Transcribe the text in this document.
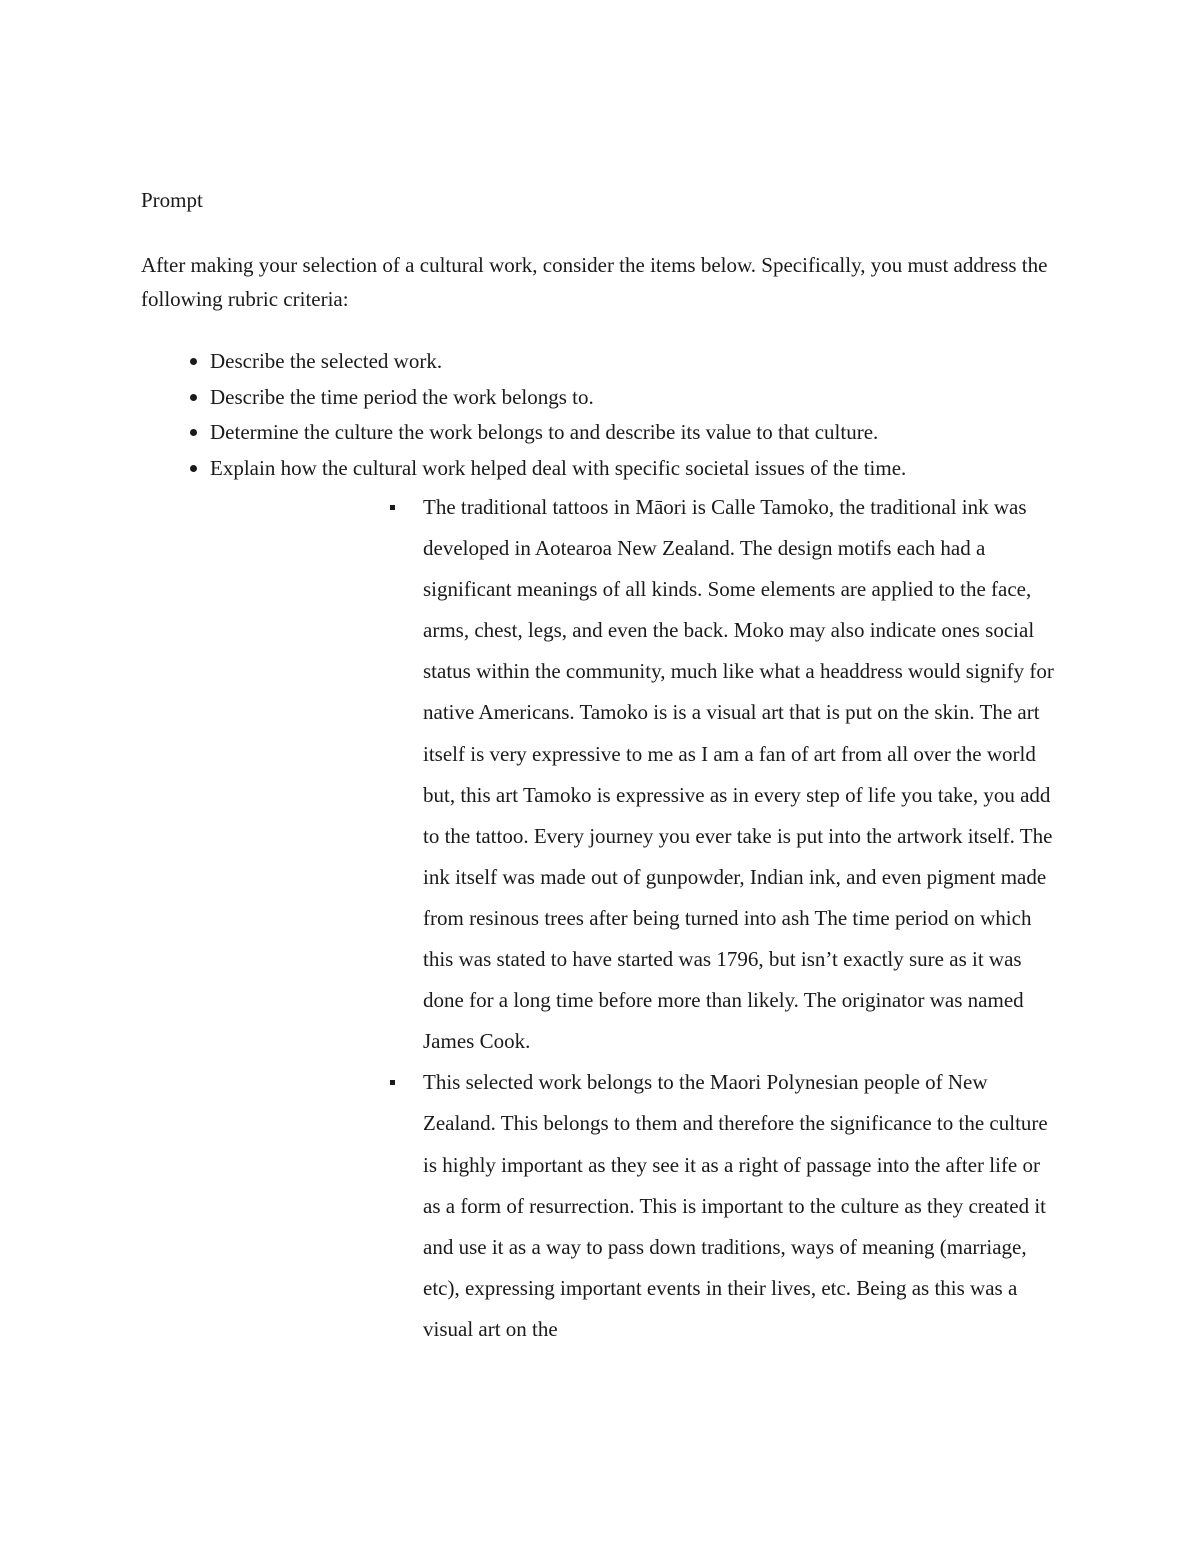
Prompt

After making your selection of a cultural work, consider the items below. Specifically, you must address the following rubric criteria:

Describe the selected work.
Describe the time period the work belongs to.
Determine the culture the work belongs to and describe its value to that culture.
Explain how the cultural work helped deal with specific societal issues of the time.
The traditional tattoos in Māori is Calle Tamoko, the traditional ink was developed in Aotearoa New Zealand. The design motifs each had a significant meanings of all kinds. Some elements are applied to the face, arms, chest, legs, and even the back. Moko may also indicate ones social status within the community, much like what a headdress would signify for native Americans. Tamoko is is a visual art that is put on the skin. The art itself is very expressive to me as I am a fan of art from all over the world but, this art Tamoko is expressive as in every step of life you take, you add to the tattoo. Every journey you ever take is put into the artwork itself. The ink itself was made out of gunpowder, Indian ink, and even pigment made from resinous trees after being turned into ash The time period on which this was stated to have started was 1796, but isn’t exactly sure as it was done for a long time before more than likely. The originator was named James Cook.
This selected work belongs to the Maori Polynesian people of New Zealand. This belongs to them and therefore the significance to the culture is highly important as they see it as a right of passage into the after life or as a form of resurrection. This is important to the culture as they created it and use it as a way to pass down traditions, ways of meaning (marriage, etc), expressing important events in their lives, etc. Being as this was a visual art on the
